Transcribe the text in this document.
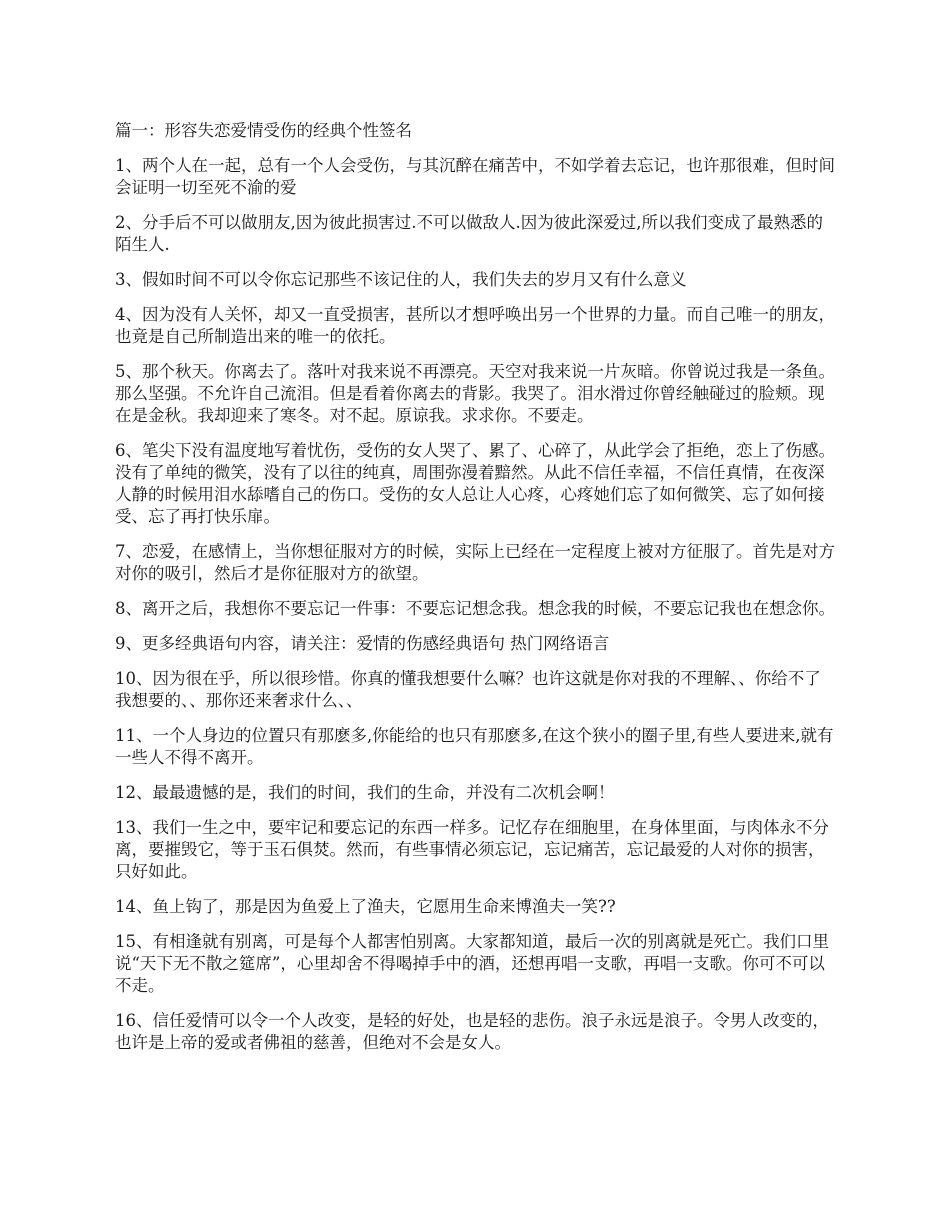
篇一：形容失恋爱情受伤的经典个性签名
1、两个人在一起，总有一个人会受伤，与其沉醉在痛苦中，不如学着去忘记，也许那很难，但时间会证明一切至死不渝的爱
2、分手后不可以做朋友,因为彼此损害过.不可以做敌人.因为彼此深爱过,所以我们变成了最熟悉的陌生人.
3、假如时间不可以令你忘记那些不该记住的人，我们失去的岁月又有什么意义
4、因为没有人关怀，却又一直受损害，甚所以才想呼唤出另一个世界的力量。而自己唯一的朋友，也竟是自己所制造出来的唯一的依托。
5、那个秋天。你离去了。落叶对我来说不再漂亮。天空对我来说一片灰暗。你曾说过我是一条鱼。那么坚强。不允许自己流泪。但是看着你离去的背影。我哭了。泪水滑过你曾经触碰过的脸颊。现在是金秋。我却迎来了寒冬。对不起。原谅我。求求你。不要走。
6、笔尖下没有温度地写着忧伤，受伤的女人哭了、累了、心碎了，从此学会了拒绝，恋上了伤感。没有了单纯的微笑，没有了以往的纯真，周围弥漫着黯然。从此不信任幸福，不信任真情，在夜深人静的时候用泪水舔嗜自己的伤口。受伤的女人总让人心疼，心疼她们忘了如何微笑、忘了如何接受、忘了再打快乐扉。
7、恋爱，在感情上，当你想征服对方的时候，实际上已经在一定程度上被对方征服了。首先是对方对你的吸引，然后才是你征服对方的欲望。
8、离开之后，我想你不要忘记一件事：不要忘记想念我。想念我的时候，不要忘记我也在想念你。
9、更多经典语句内容，请关注：爱情的伤感经典语句 热门网络语言
10、因为很在乎，所以很珍惜。你真的懂我想要什么嘛？也许这就是你对我的不理解、、你给不了我想要的、、那你还来奢求什么、、
11、一个人身边的位置只有那麽多,你能给的也只有那麽多,在这个狭小的圈子里,有些人要进来,就有一些人不得不离开。
12、最最遗憾的是，我们的时间，我们的生命，并没有二次机会啊！
13、我们一生之中，要牢记和要忘记的东西一样多。记忆存在细胞里，在身体里面，与肉体永不分离，要摧毁它，等于玉石俱焚。然而，有些事情必须忘记，忘记痛苦，忘记最爱的人对你的损害，只好如此。
14、鱼上钩了，那是因为鱼爱上了渔夫，它愿用生命来博渔夫一笑??
15、有相逢就有别离，可是每个人都害怕别离。大家都知道，最后一次的别离就是死亡。我们口里说“天下无不散之筵席”，心里却舍不得喝掉手中的酒，还想再唱一支歌，再唱一支歌。你可不可以不走。
16、信任爱情可以令一个人改变，是轻的好处，也是轻的悲伤。浪子永远是浪子。令男人改变的，也许是上帝的爱或者佛祖的慈善，但绝对不会是女人。
